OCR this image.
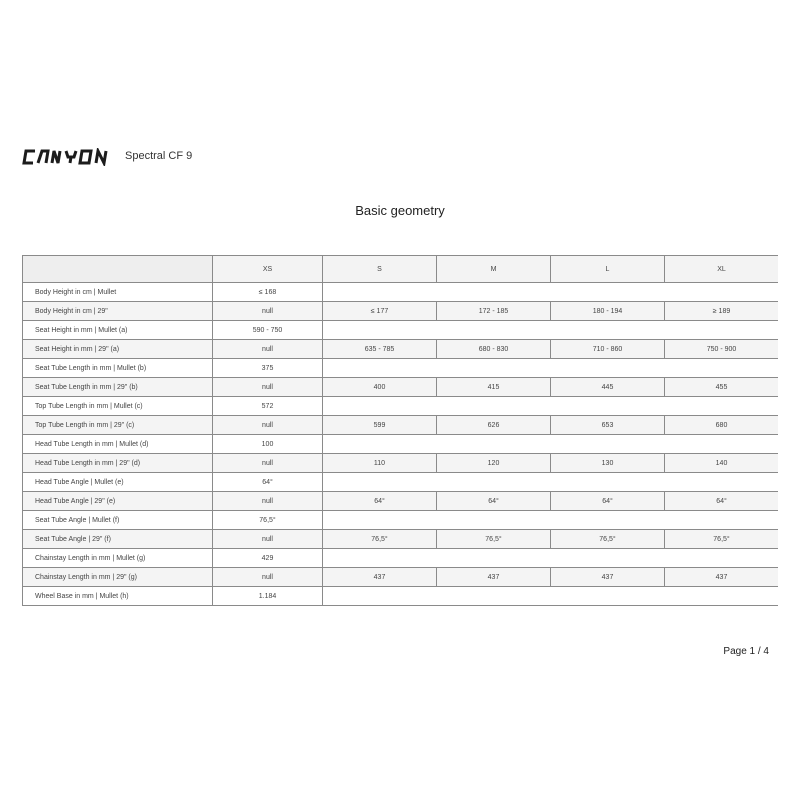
Spectral CF 9
Basic geometry
	XS	S	M	L	XL
Body Height in cm | Mullet	≤ 168				
Body Height in cm | 29"	null	≤ 177	172 - 185	180 - 194	≥ 189
Seat Height in mm | Mullet (a)	590 - 750				
Seat Height in mm | 29" (a)	null	635 - 785	680 - 830	710 - 860	750 - 900
Seat Tube Length in mm | Mullet (b)	375				
Seat Tube Length in mm | 29" (b)	null	400	415	445	455
Top Tube Length in mm | Mullet (c)	572				
Top Tube Length in mm | 29" (c)	null	599	626	653	680
Head Tube Length in mm | Mullet (d)	100				
Head Tube Length in mm | 29" (d)	null	110	120	130	140
Head Tube Angle | Mullet (e)	64°				
Head Tube Angle | 29" (e)	null	64°	64°	64°	64°
Seat Tube Angle | Mullet (f)	76,5°				
Seat Tube Angle | 29" (f)	null	76,5°	76,5°	76,5°	76,5°
Chainstay Length in mm | Mullet (g)	429				
Chainstay Length in mm | 29" (g)	null	437	437	437	437
Wheel Base in mm | Mullet (h)	1.184				
Page 1 / 4
